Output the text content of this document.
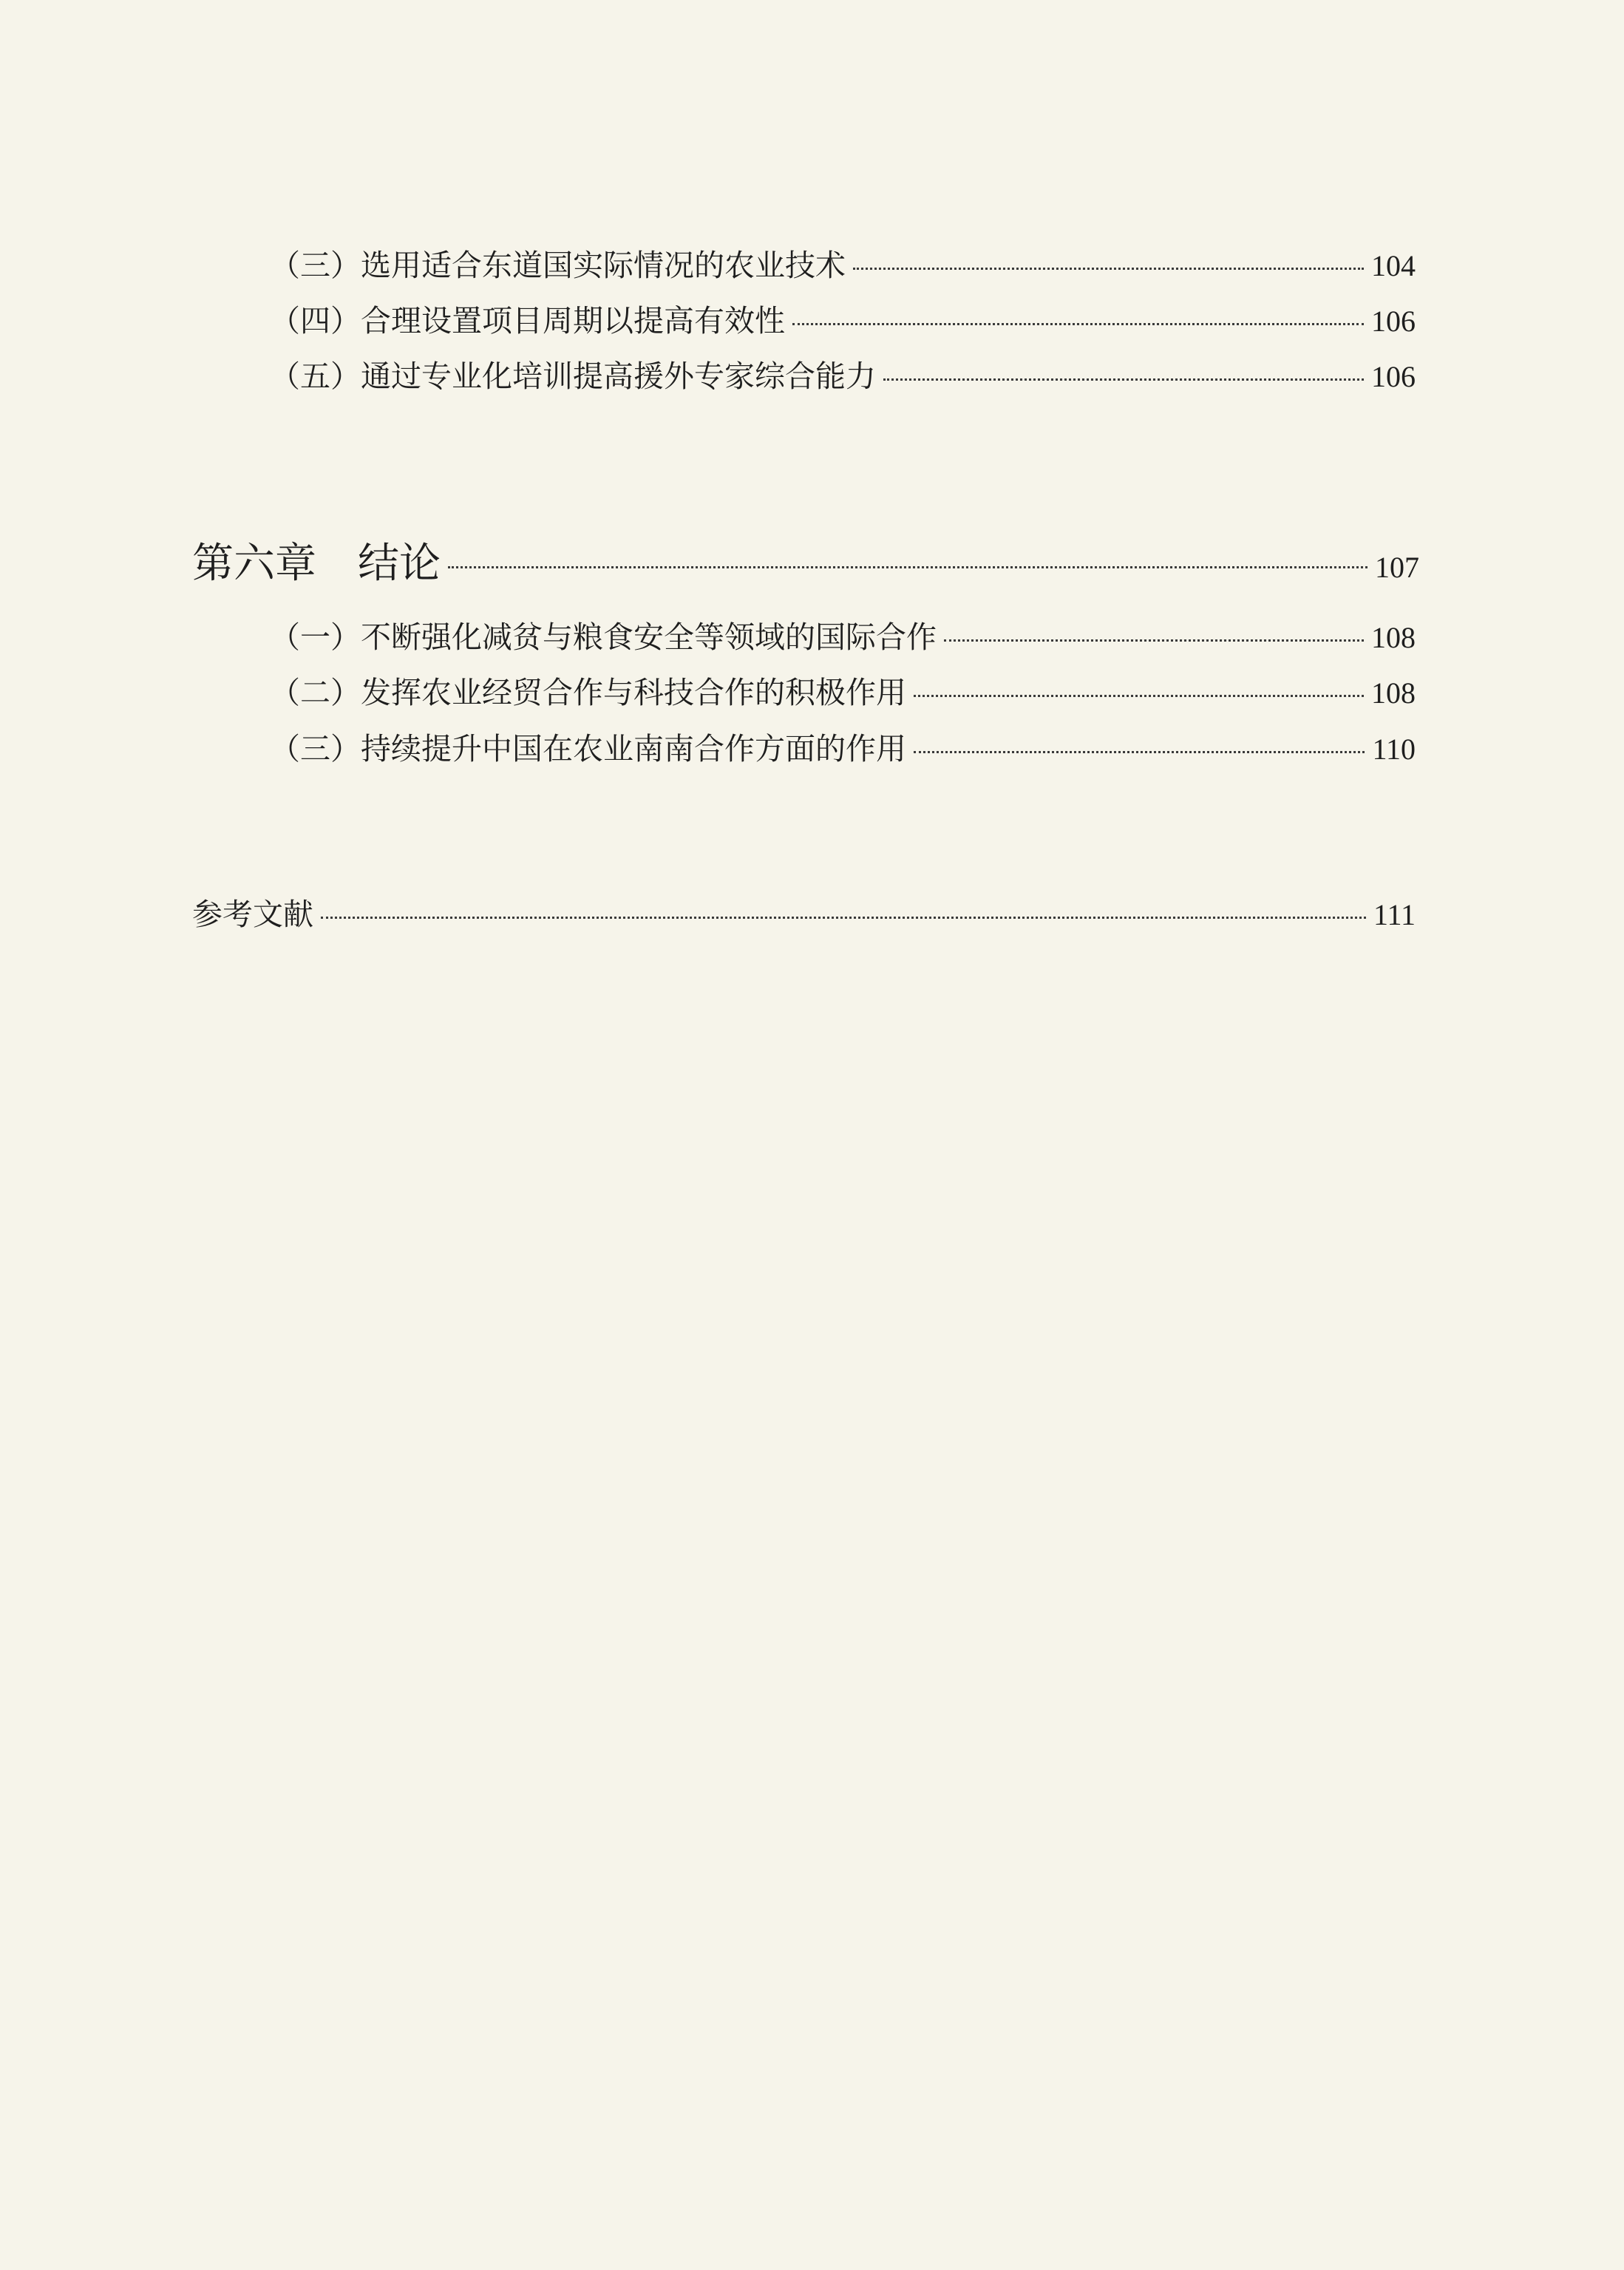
（三）选用适合东道国实际情况的农业技术	104
（四）合理设置项目周期以提高有效性	106
（五）通过专业化培训提高援外专家综合能力	106
第六章　结论	107
（一）不断强化减贫与粮食安全等领域的国际合作	108
（二）发挥农业经贸合作与科技合作的积极作用	108
（三）持续提升中国在农业南南合作方面的作用	110
参考文献	111
